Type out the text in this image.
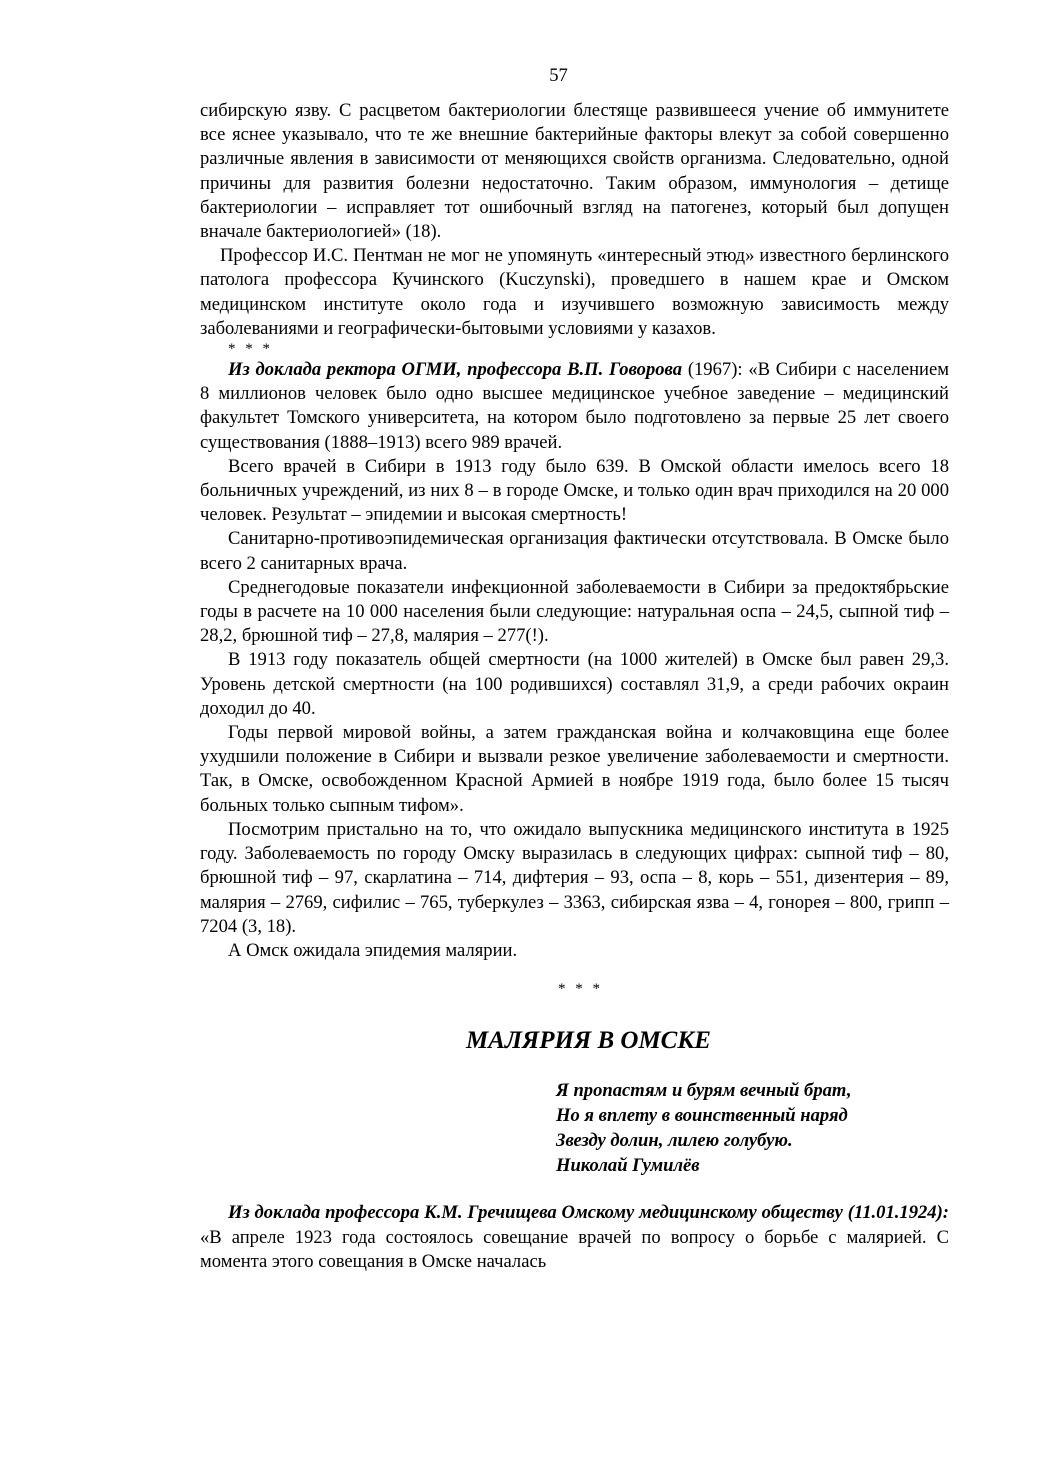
57

сибирскую язву. С расцветом бактериологии блестяще развившееся учение об иммунитете все яснее указывало, что те же внешние бактерийные факторы влекут за собой совершенно различные явления в зависимости от меняющихся свойств организма. Следовательно, одной причины для развития болезни недостаточно. Таким образом, иммунология – детище бактериологии – исправляет тот ошибочный взгляд на патогенез, который был допущен вначале бактериологией» (18).

Профессор И.С. Пентман не мог не упомянуть «интересный этюд» известного берлинского патолога профессора Кучинского (Kuczynski), проведшего в нашем крае и Омском медицинском институте около года и изучившего возможную зависимость между заболеваниями и географически-бытовыми условиями у казахов.

* * *

Из доклада ректора ОГМИ, профессора В.П. Говорова (1967): «В Сибири с населением 8 миллионов человек было одно высшее медицинское учебное заведение – медицинский факультет Томского университета, на котором было подготовлено за первые 25 лет своего существования (1888–1913) всего 989 врачей.

Всего врачей в Сибири в 1913 году было 639. В Омской области имелось всего 18 больничных учреждений, из них 8 – в городе Омске, и только один врач приходился на 20 000 человек. Результат – эпидемии и высокая смертность!

Санитарно-противоэпидемическая организация фактически отсутствовала. В Омске было всего 2 санитарных врача.

Среднегодовые показатели инфекционной заболеваемости в Сибири за предоктябрьские годы в расчете на 10 000 населения были следующие: натуральная оспа – 24,5, сыпной тиф – 28,2, брюшной тиф – 27,8, малярия – 277(!).

В 1913 году показатель общей смертности (на 1000 жителей) в Омске был равен 29,3. Уровень детской смертности (на 100 родившихся) составлял 31,9, а среди рабочих окраин доходил до 40.

Годы первой мировой войны, а затем гражданская война и колчаковщина еще более ухудшили положение в Сибири и вызвали резкое увеличение заболеваемости и смертности. Так, в Омске, освобожденном Красной Армией в ноябре 1919 года, было более 15 тысяч больных только сыпным тифом».

Посмотрим пристально на то, что ожидало выпускника медицинского института в 1925 году. Заболеваемость по городу Омску выразилась в следующих цифрах: сыпной тиф – 80, брюшной тиф – 97, скарлатина – 714, дифтерия – 93, оспа – 8, корь – 551, дизентерия – 89, малярия – 2769, сифилис – 765, туберкулез – 3363, сибирская язва – 4, гонорея – 800, грипп – 7204 (3, 18).

А Омск ожидала эпидемия малярии.

* * *
МАЛЯРИЯ В ОМСКЕ
Я пропастям и бурям вечный брат,
Но я вплету в воинственный наряд
Звезду долин, лилею голубую.
Николай Гумилёв

Из доклада профессора К.М. Гречищева Омскому медицинскому обществу (11.01.1924): «В апреле 1923 года состоялось совещание врачей по вопросу о борьбе с малярией. С момента этого совещания в Омске началась
